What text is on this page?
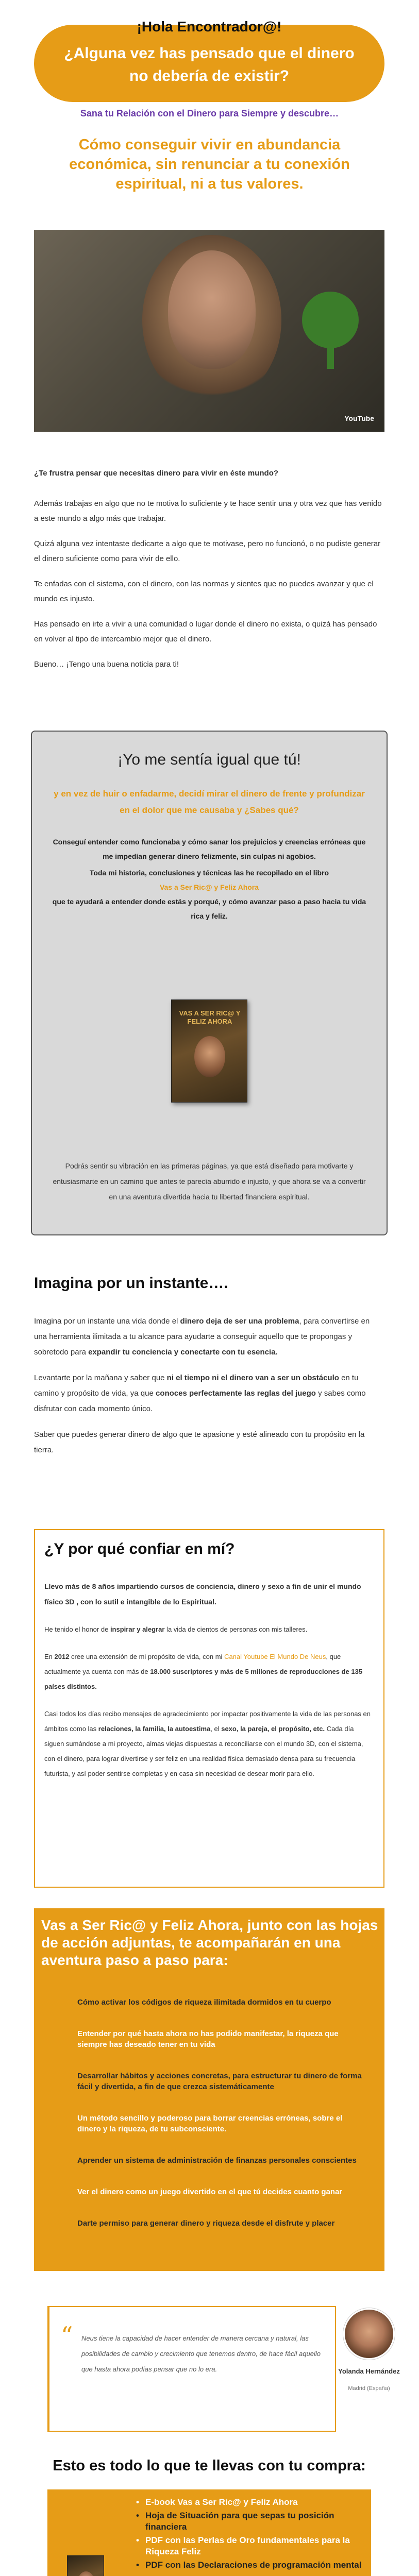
¡Hola Encontrador@!
¿Alguna vez has pensado que el dinero no debería de existir?
Sana tu Relación con el Dinero para Siempre y descubre…
Cómo conseguir vivir en abundancia económica, sin renunciar a tu conexión espiritual, ni a tus valores.
YouTube

¿Te frustra pensar que necesitas dinero para vivir en éste mundo?

Además trabajas en algo que no te motiva lo suficiente y te hace sentir una y otra vez que has venido a este mundo a algo más que trabajar.

Quizá alguna vez intentaste dedicarte a algo que te motivase, pero no funcionó, o no pudiste generar el dinero suficiente como para vivir de ello.

Te enfadas con el sistema, con el dinero, con las normas y sientes que no puedes avanzar y que el mundo es injusto.

Has pensado en irte a vivir a una comunidad o lugar donde el dinero no exista, o quizá has pensado en volver al tipo de intercambio mejor que el dinero.

Bueno… ¡Tengo una buena noticia para ti!

¡Yo me sentía igual que tú!
y en vez de huir o enfadarme, decidí mirar el dinero de frente y profundizar en el dolor que me causaba y ¿Sabes qué?
Conseguí entender como funcionaba y cómo sanar los prejuicios y creencias erróneas que me impedían generar dinero felizmente, sin culpas ni agobios.
Toda mi historia, conclusiones y técnicas las he recopilado en el libro
Vas a Ser Ric@ y Feliz Ahora
que te ayudará a entender donde estás y porqué, y cómo avanzar paso a paso hacia tu vida rica y feliz.
VAS A SER RIC@ Y FELIZ AHORA
Podrás sentir su vibración en las primeras páginas, ya que está diseñado para motivarte y entusiasmarte en un camino que antes te parecía aburrido e injusto, y que ahora se va a convertir en una aventura divertida hacia tu libertad financiera espiritual.
Imagina por un instante….

Imagina por un instante una vida donde el dinero deja de ser una problema, para convertirse en una herramienta ilimitada a tu alcance para ayudarte a conseguir aquello que te propongas y sobretodo para expandir tu conciencia y conectarte con tu esencia.

Levantarte por la mañana y saber que ni el tiempo ni el dinero van a ser un obstáculo en tu camino y propósito de vida, ya que conoces perfectamente las reglas del juego y sabes como disfrutar con cada momento único.

Saber que puedes generar dinero de algo que te apasione y esté alineado con tu propósito en la tierra.

¿Y por qué confiar en mí?

Llevo más de 8 años impartiendo cursos de conciencia, dinero y sexo a fin de unir el mundo físico 3D , con lo sutil e intangible de lo Espiritual.

He tenido el honor de inspirar y alegrar la vida de cientos de personas con mis talleres.

En 2012 cree una extensión de mi propósito de vida, con mi Canal Youtube El Mundo De Neus, que actualmente ya cuenta con más de 18.000 suscriptores y más de 5 millones de reproducciones de 135 países distintos.

Casi todos los días recibo mensajes de agradecimiento por impactar positivamente la vida de las personas en ámbitos como las relaciones, la familia, la autoestima, el sexo, la pareja, el propósito, etc. Cada día siguen sumándose a mi proyecto, almas viejas dispuestas a reconciliarse con el mundo 3D, con el sistema, con el dinero, para lograr divertirse y ser feliz en una realidad física demasiado densa para su frecuencia futurista, y así poder sentirse completas y en casa sin necesidad de desear morir para ello.

Vas a Ser Ric@ y Feliz Ahora, junto con las hojas de acción adjuntas, te acompañarán en una aventura paso a paso para:
Cómo activar los códigos de riqueza ilimitada dormidos en tu cuerpo
Entender por qué hasta ahora no has podido manifestar, la riqueza que siempre has deseado tener en tu vida
Desarrollar hábitos y acciones concretas, para estructurar tu dinero de forma fácil y divertida, a fin de que crezca sistemáticamente
Un método sencillo y poderoso para borrar creencias erróneas, sobre el dinero y la riqueza, de tu subconsciente.
Aprender un sistema de administración de finanzas personales conscientes
Ver el dinero como un juego divertido en el que tú decides cuanto ganar
Darte permiso para generar dinero y riqueza desde el disfrute y placer
“ Neus tiene la capacidad de hacer entender de manera cercana y natural, las posibilidades de cambio y crecimiento que tenemos dentro, de hace fácil aquello que hasta ahora podías pensar que no lo era.	Yolanda Hernández
Madrid (España)
Esto es todo lo que te llevas con tu compra:
• E-book Vas a Ser Ric@ y Feliz Ahora
• Hoja de Situación para que sepas tu posición financiera
• PDF con las Perlas de Oro fundamentales para la Riqueza Feliz
• PDF con las Declaraciones de programación mental
